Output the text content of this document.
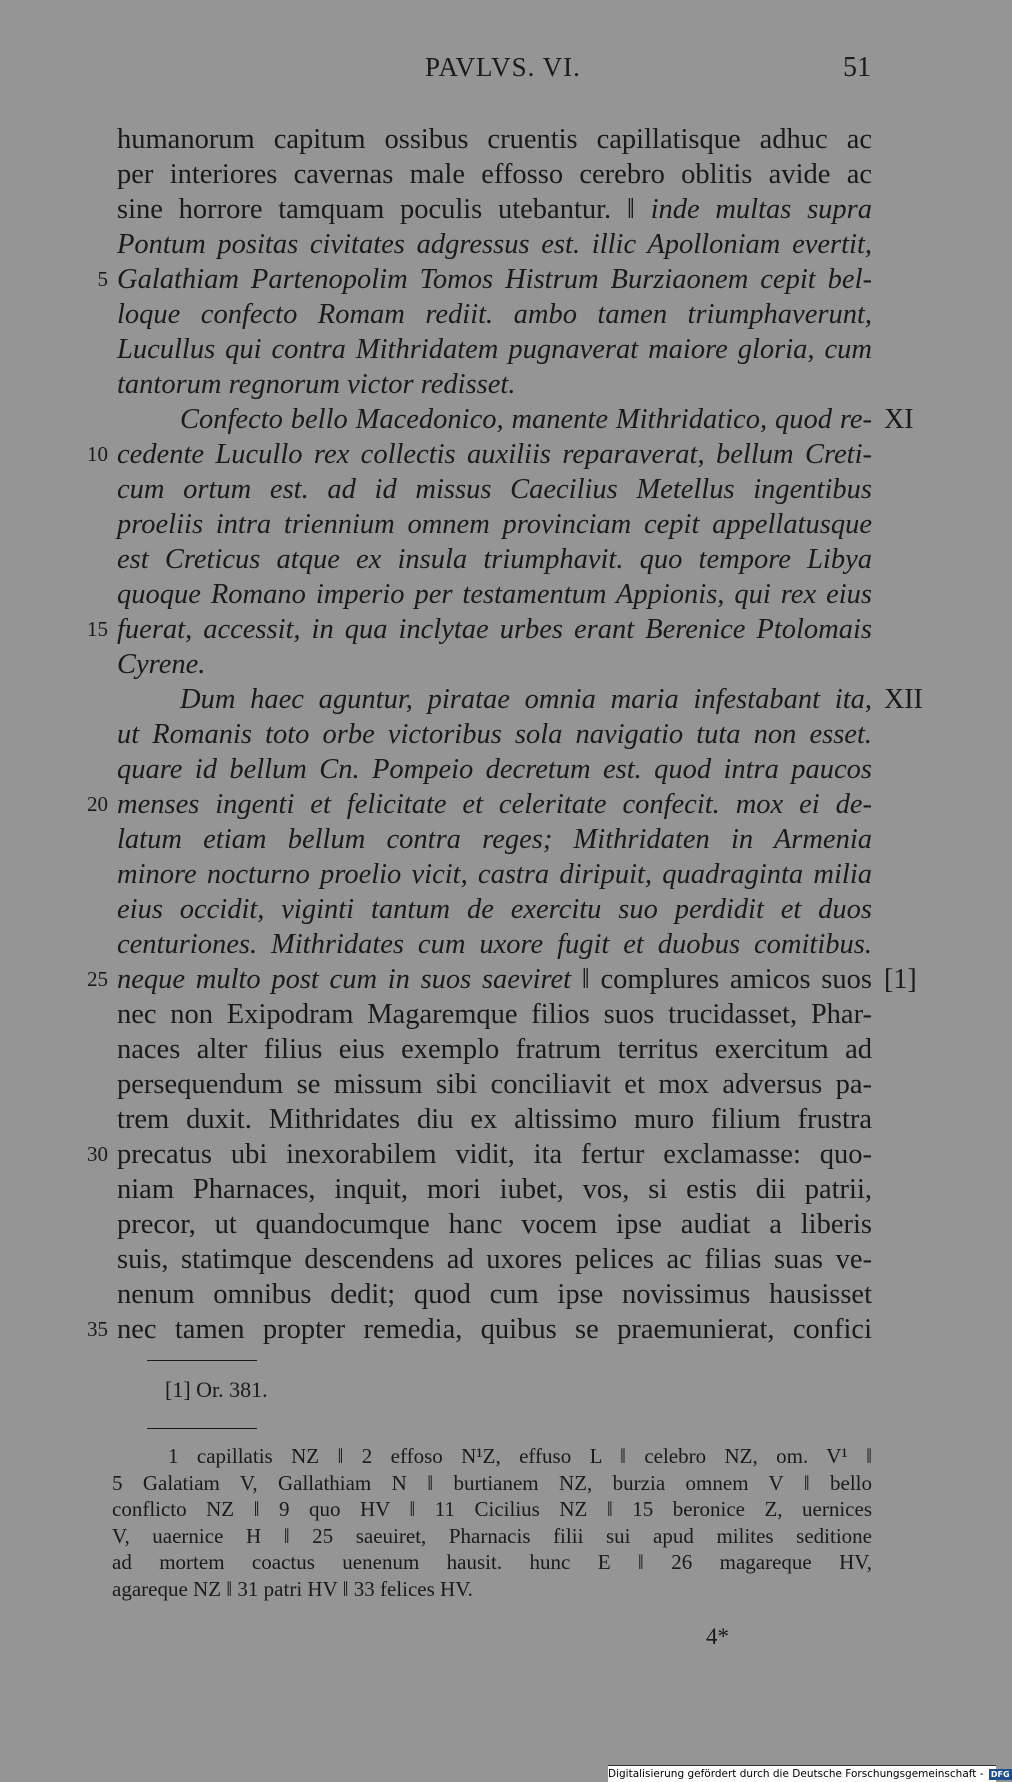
PAVLVS. VI.	51
humanorum capitum ossibus cruentis capillatisque adhuc ac
per interiores cavernas male effosso cerebro oblitis avide ac
sine horrore tamquam poculis utebantur. ‖ inde multas supra
Pontum positas civitates adgressus est. illic Apolloniam evertit,
5 Galathiam Partenopolim Tomos Histrum Burziaonem cepit bel-
loque confecto Romam rediit. ambo tamen triumphaverunt,
Lucullus qui contra Mithridatem pugnaverat maiore gloria, cum
tantorum regnorum victor redisset.
Confecto bello Macedonico, manente Mithridatico, quod re- XI
10 cedente Lucullo rex collectis auxiliis reparaverat, bellum Creti-
cum ortum est. ad id missus Caecilius Metellus ingentibus
proeliis intra triennium omnem provinciam cepit appellatusque
est Creticus atque ex insula triumphavit. quo tempore Libya
quoque Romano imperio per testamentum Appionis, qui rex eius
15 fuerat, accessit, in qua inclytae urbes erant Berenice Ptolomais
Cyrene.
Dum haec aguntur, piratae omnia maria infestabant ita, XII
ut Romanis toto orbe victoribus sola navigatio tuta non esset.
quare id bellum Cn. Pompeio decretum est. quod intra paucos
20 menses ingenti et felicitate et celeritate confecit. mox ei de-
latum etiam bellum contra reges; Mithridaten in Armenia
minore nocturno proelio vicit, castra diripuit, quadraginta milia
eius occidit, viginti tantum de exercitu suo perdidit et duos
centuriones. Mithridates cum uxore fugit et duobus comitibus.
25 neque multo post cum in suos saeviret ‖ complures amicos suos [1]
nec non Exipodram Magaremque filios suos trucidasset, Phar-
naces alter filius eius exemplo fratrum territus exercitum ad
persequendum se missum sibi conciliavit et mox adversus pa-
trem duxit. Mithridates diu ex altissimo muro filium frustra
30 precatus ubi inexorabilem vidit, ita fertur exclamasse: quo-
niam Pharnaces, inquit, mori iubet, vos, si estis dii patrii,
precor, ut quandocumque hanc vocem ipse audiat a liberis
suis, statimque descendens ad uxores pelices ac filias suas ve-
nenum omnibus dedit; quod cum ipse novissimus hausisset
35 nec tamen propter remedia, quibus se praemunierat, confici
[1] Or. 381.
1 capillatis NZ ‖ 2 effoso N¹Z, effuso L ‖ celebro NZ, om. V¹ ‖
5 Galatiam V, Gallathiam N ‖ burtianem NZ, burzia omnem V ‖ bello
conflicto NZ ‖ 9 quo HV ‖ 11 Cicilius NZ ‖ 15 beronice Z, uernices
V, uaernice H ‖ 25 saeuiret, Pharnacis filii sui apud milites seditione
ad mortem coactus uenenum hausit. hunc E ‖ 26 magareque HV,
agareque NZ ‖ 31 patri HV ‖ 33 felices HV.
4*
Digitalisierung gefördert durch die Deutsche Forschungsgemeinschaft - DFG
